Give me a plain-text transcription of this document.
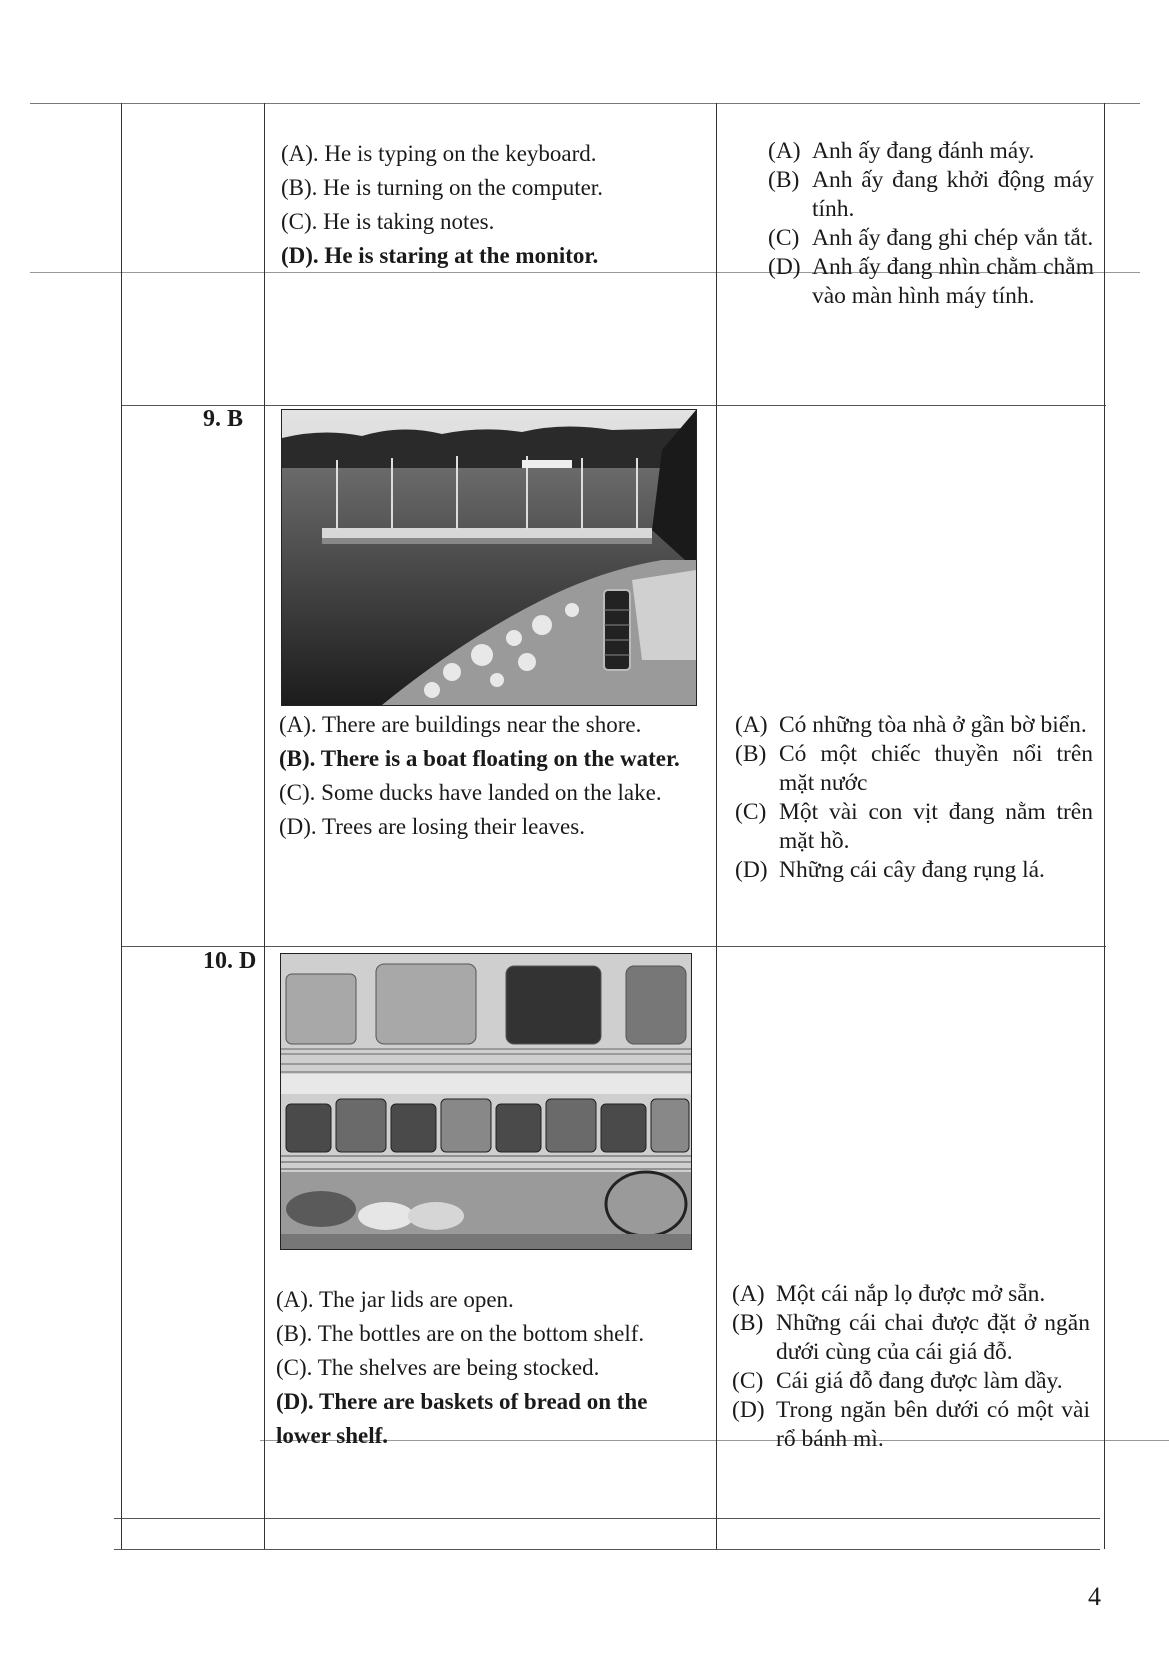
(A). He is typing on the keyboard.

(B). He is turning on the computer.

(C). He is taking notes.

(D). He is staring at the monitor.

(A) Anh ấy đang đánh máy.
(B) Anh ấy đang khởi động máy tính.
(C) Anh ấy đang ghi chép vắn tắt.
(D) Anh ấy đang nhìn chằm chằm vào màn hình máy tính.
9. B

(A). There are buildings near the shore.

(B). There is a boat floating on the water.

(C). Some ducks have landed on the lake.

(D). Trees are losing their leaves.

(A) Có những tòa nhà ở gần bờ biển.
(B) Có một chiếc thuyền nổi trên mặt nước
(C) Một vài con vịt đang nằm trên mặt hồ.
(D) Những cái cây đang rụng lá.
10. D

(A). The jar lids are open.

(B). The bottles are on the bottom shelf.

(C). The shelves are being stocked.

(D). There are baskets of bread on the lower shelf.

(A) Một cái nắp lọ được mở sẵn.
(B) Những cái chai được đặt ở ngăn dưới cùng của cái giá đỗ.
(C) Cái giá đỗ đang được làm dầy.
(D) Trong ngăn bên dưới có một vài rổ bánh mì.
4
